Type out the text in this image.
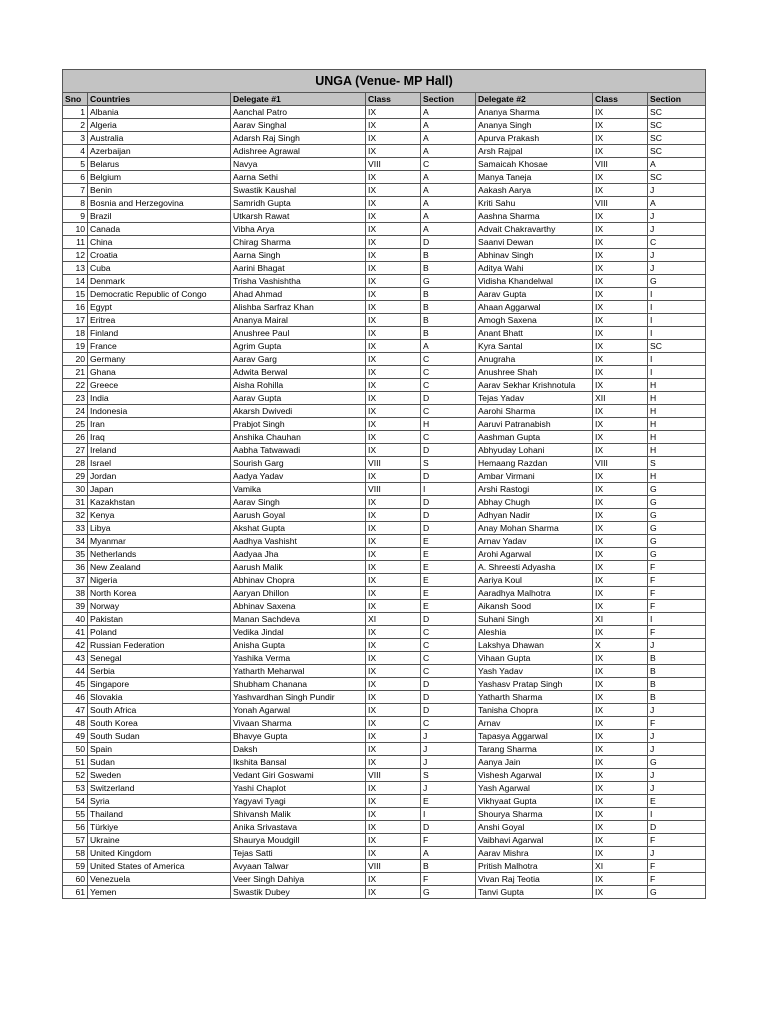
UNGA (Venue- MP Hall)							
Sno	Countries	Delegate #1	Class	Section	Delegate #2	Class	Section
1	Albania	Aanchal Patro	IX	A	Ananya Sharma	IX	SC
2	Algeria	Aarav Singhal	IX	A	Ananya Singh	IX	SC
3	Australia	Adarsh Raj Singh	IX	A	Apurva Prakash	IX	SC
4	Azerbaijan	Adishree Agrawal	IX	A	Arsh Rajpal	IX	SC
5	Belarus	Navya	VIII	C	Samaicah Khosae	VIII	A
6	Belgium	Aarna Sethi	IX	A	Manya Taneja	IX	SC
7	Benin	Swastik Kaushal	IX	A	Aakash Aarya	IX	J
8	Bosnia and Herzegovina	Samridh Gupta	IX	A	Kriti Sahu	VIII	A
9	Brazil	Utkarsh Rawat	IX	A	Aashna Sharma	IX	J
10	Canada	Vibha Arya	IX	A	Advait Chakravarthy	IX	J
11	China	Chirag Sharma	IX	D	Saanvi Dewan	IX	C
12	Croatia	Aarna Singh	IX	B	Abhinav Singh	IX	J
13	Cuba	Aarini Bhagat	IX	B	Aditya Wahi	IX	J
14	Denmark	Trisha Vashishtha	IX	G	Vidisha Khandelwal	IX	G
15	Democratic Republic of Congo	Ahad Ahmad	IX	B	Aarav Gupta	IX	I
16	Egypt	Alishba Sarfraz Khan	IX	B	Ahaan Aggarwal	IX	I
17	Eritrea	Ananya Mairal	IX	B	Amogh Saxena	IX	I
18	Finland	Anushree Paul	IX	B	Anant Bhatt	IX	I
19	France	Agrim Gupta	IX	A	Kyra Santal	IX	SC
20	Germany	Aarav Garg	IX	C	Anugraha	IX	I
21	Ghana	Adwita Berwal	IX	C	Anushree Shah	IX	I
22	Greece	Aisha Rohilla	IX	C	Aarav Sekhar Krishnotula	IX	H
23	India	Aarav Gupta	IX	D	Tejas Yadav	XII	H
24	Indonesia	Akarsh Dwivedi	IX	C	Aarohi Sharma	IX	H
25	Iran	Prabjot Singh	IX	H	Aaruvi Patranabish	IX	H
26	Iraq	Anshika Chauhan	IX	C	Aashman Gupta	IX	H
27	Ireland	Aabha Tatwawadi	IX	D	Abhyuday Lohani	IX	H
28	Israel	Sourish Garg	VIII	S	Hemaang Razdan	VIII	S
29	Jordan	Aadya Yadav	IX	D	Ambar Virmani	IX	H
30	Japan	Vamika	VIII	I	Arshi Rastogi	IX	G
31	Kazakhstan	Aarav Singh	IX	D	Abhay Chugh	IX	G
32	Kenya	Aarush Goyal	IX	D	Adhyan Nadir	IX	G
33	Libya	Akshat Gupta	IX	D	Anay Mohan Sharma	IX	G
34	Myanmar	Aadhya Vashisht	IX	E	Arnav Yadav	IX	G
35	Netherlands	Aadyaa Jha	IX	E	Arohi Agarwal	IX	G
36	New Zealand	Aarush Malik	IX	E	A. Shreesti Adyasha	IX	F
37	Nigeria	Abhinav Chopra	IX	E	Aariya Koul	IX	F
38	North Korea	Aaryan Dhillon	IX	E	Aaradhya Malhotra	IX	F
39	Norway	Abhinav Saxena	IX	E	Aikansh Sood	IX	F
40	Pakistan	Manan Sachdeva	XI	D	Suhani Singh	XI	I
41	Poland	Vedika Jindal	IX	C	Aleshia	IX	F
42	Russian Federation	Anisha Gupta	IX	C	Lakshya Dhawan	X	J
43	Senegal	Yashika Verma	IX	C	Vihaan Gupta	IX	B
44	Serbia	Yatharth Meharwal	IX	C	Yash Yadav	IX	B
45	Singapore	Shubham Chanana	IX	D	Yashasv Pratap Singh	IX	B
46	Slovakia	Yashvardhan Singh Pundir	IX	D	Yatharth Sharma	IX	B
47	South Africa	Yonah Agarwal	IX	D	Tanisha Chopra	IX	J
48	South Korea	Vivaan Sharma	IX	C	Arnav	IX	F
49	South Sudan	Bhavye Gupta	IX	J	Tapasya Aggarwal	IX	J
50	Spain	Daksh	IX	J	Tarang Sharma	IX	J
51	Sudan	Ikshita Bansal	IX	J	Aanya Jain	IX	G
52	Sweden	Vedant Giri Goswami	VIII	S	Vishesh Agarwal	IX	J
53	Switzerland	Yashi Chaplot	IX	J	Yash Agarwal	IX	J
54	Syria	Yagyavi Tyagi	IX	E	Vikhyaat Gupta	IX	E
55	Thailand	Shivansh Malik	IX	I	Shourya Sharma	IX	I
56	Türkiye	Anika Srivastava	IX	D	Anshi Goyal	IX	D
57	Ukraine	Shaurya Moudgill	IX	F	Vaibhavi Agarwal	IX	F
58	United Kingdom	Tejas Satti	IX	A	Aarav Mishra	IX	J
59	United States of America	Avyaan Talwar	VIII	B	Pritish Malhotra	XI	F
60	Venezuela	Veer Singh Dahiya	IX	F	Vivan Raj Teotia	IX	F
61	Yemen	Swastik Dubey	IX	G	Tanvi Gupta	IX	G
